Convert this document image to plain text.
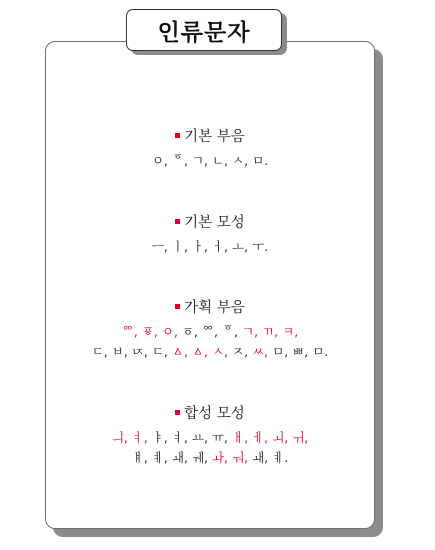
인류문자
기본 부음
ㅇ, ᅙ, ㄱ, ㄴ, ㅅ, ㅁ.
기본 모성
ㅡ, ㅣ, ㅏ, ㅓ, ㅗ, ㅜ.
가획 부음
ᅇ, ㆄ, ㅇ, ㆆ, ᅇ, ᅙ, ㄱ, ㄲ, ㅋ,
ㄷ, ㅂ, ㄵ, ㄷ, ㅿ, ㅿ, ㅅ, ㅈ, ㅆ, ㅁ, ㅃ, ㅁ.
합성 모성
ㅢ, ㅕ, ㅑ, ㅕ, ㅛ, ㅠ, ㅐ, ㅔ, ㅚ, ㅟ,
ㅒ, ㅖ, ㅙ, ㅞ, ㅘ, ㅝ, ㅙ, ㅖ.
